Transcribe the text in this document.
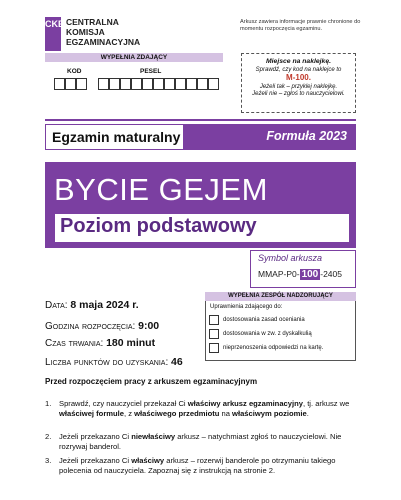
CKE CENTRALNA
KOMISJA
EGZAMINACYJNA
Arkusz zawiera informacje prawnie chronione do momentu rozpoczęcia egzaminu.
WYPEŁNIA ZDAJĄCY
KOD	PESEL
Miejsce na naklejkę.
Sprawdź, czy kod na naklejce to
M-100.
Jeżeli tak – przyklej naklejkę.
Jeżeli nie – zgłoś to nauczycielowi.
Egzamin maturalny	Formuła 2023
BYCIE GEJEM
Poziom podstawowy
Symbol arkusza
MMAP-P0- 100 -2405
Data: 8 maja 2024 r.
Godzina rozpoczęcia: 9:00
Czas trwania: 180 minut
Liczba punktów do uzyskania: 46
WYPEŁNIA ZESPÓŁ NADZORUJĄCY
Uprawnienia zdającego do:
dostosowania zasad oceniania
dostosowania w zw. z dyskalkulią
nieprzenoszenia odpowiedzi na kartę.
Przed rozpoczęciem pracy z arkuszem egzaminacyjnym
1. Sprawdź, czy nauczyciel przekazał Ci właściwy arkusz egzaminacyjny, tj. arkusz we właściwej formule, z właściwego przedmiotu na właściwym poziomie.
2. Jeżeli przekazano Ci niewłaściwy arkusz – natychmiast zgłoś to nauczycielowi. Nie rozrywaj banderol.
3. Jeżeli przekazano Ci właściwy arkusz – rozerwij banderole po otrzymaniu takiego polecenia od nauczyciela. Zapoznaj się z instrukcją na stronie 2.
